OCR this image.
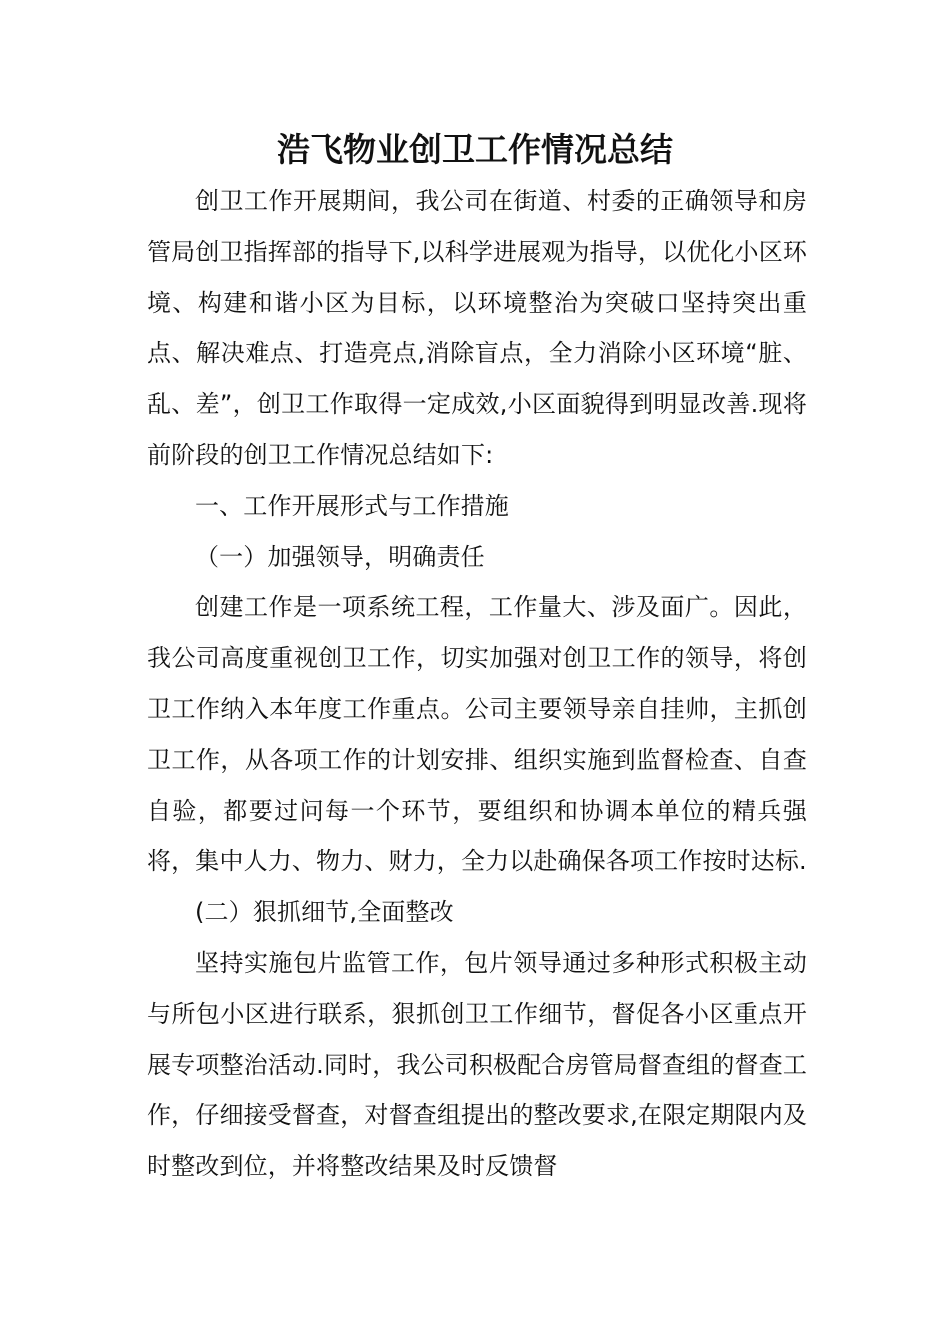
浩飞物业创卫工作情况总结

创卫工作开展期间，我公司在街道、村委的正确领导和房管局创卫指挥部的指导下,以科学进展观为指导，以优化小区环境、构建和谐小区为目标，以环境整治为突破口坚持突出重点、解决难点、打造亮点,消除盲点，全力消除小区环境“脏、乱、差”，创卫工作取得一定成效,小区面貌得到明显改善.现将前阶段的创卫工作情况总结如下:

一、工作开展形式与工作措施

（一）加强领导，明确责任

创建工作是一项系统工程，工作量大、涉及面广。因此，我公司高度重视创卫工作，切实加强对创卫工作的领导，将创卫工作纳入本年度工作重点。公司主要领导亲自挂帅，主抓创卫工作，从各项工作的计划安排、组织实施到监督检查、自查自验，都要过问每一个环节，要组织和协调本单位的精兵强将，集中人力、物力、财力，全力以赴确保各项工作按时达标.

(二）狠抓细节,全面整改

坚持实施包片监管工作，包片领导通过多种形式积极主动与所包小区进行联系，狠抓创卫工作细节，督促各小区重点开展专项整治活动.同时，我公司积极配合房管局督查组的督查工作，仔细接受督查，对督查组提出的整改要求,在限定期限内及时整改到位，并将整改结果及时反馈督
